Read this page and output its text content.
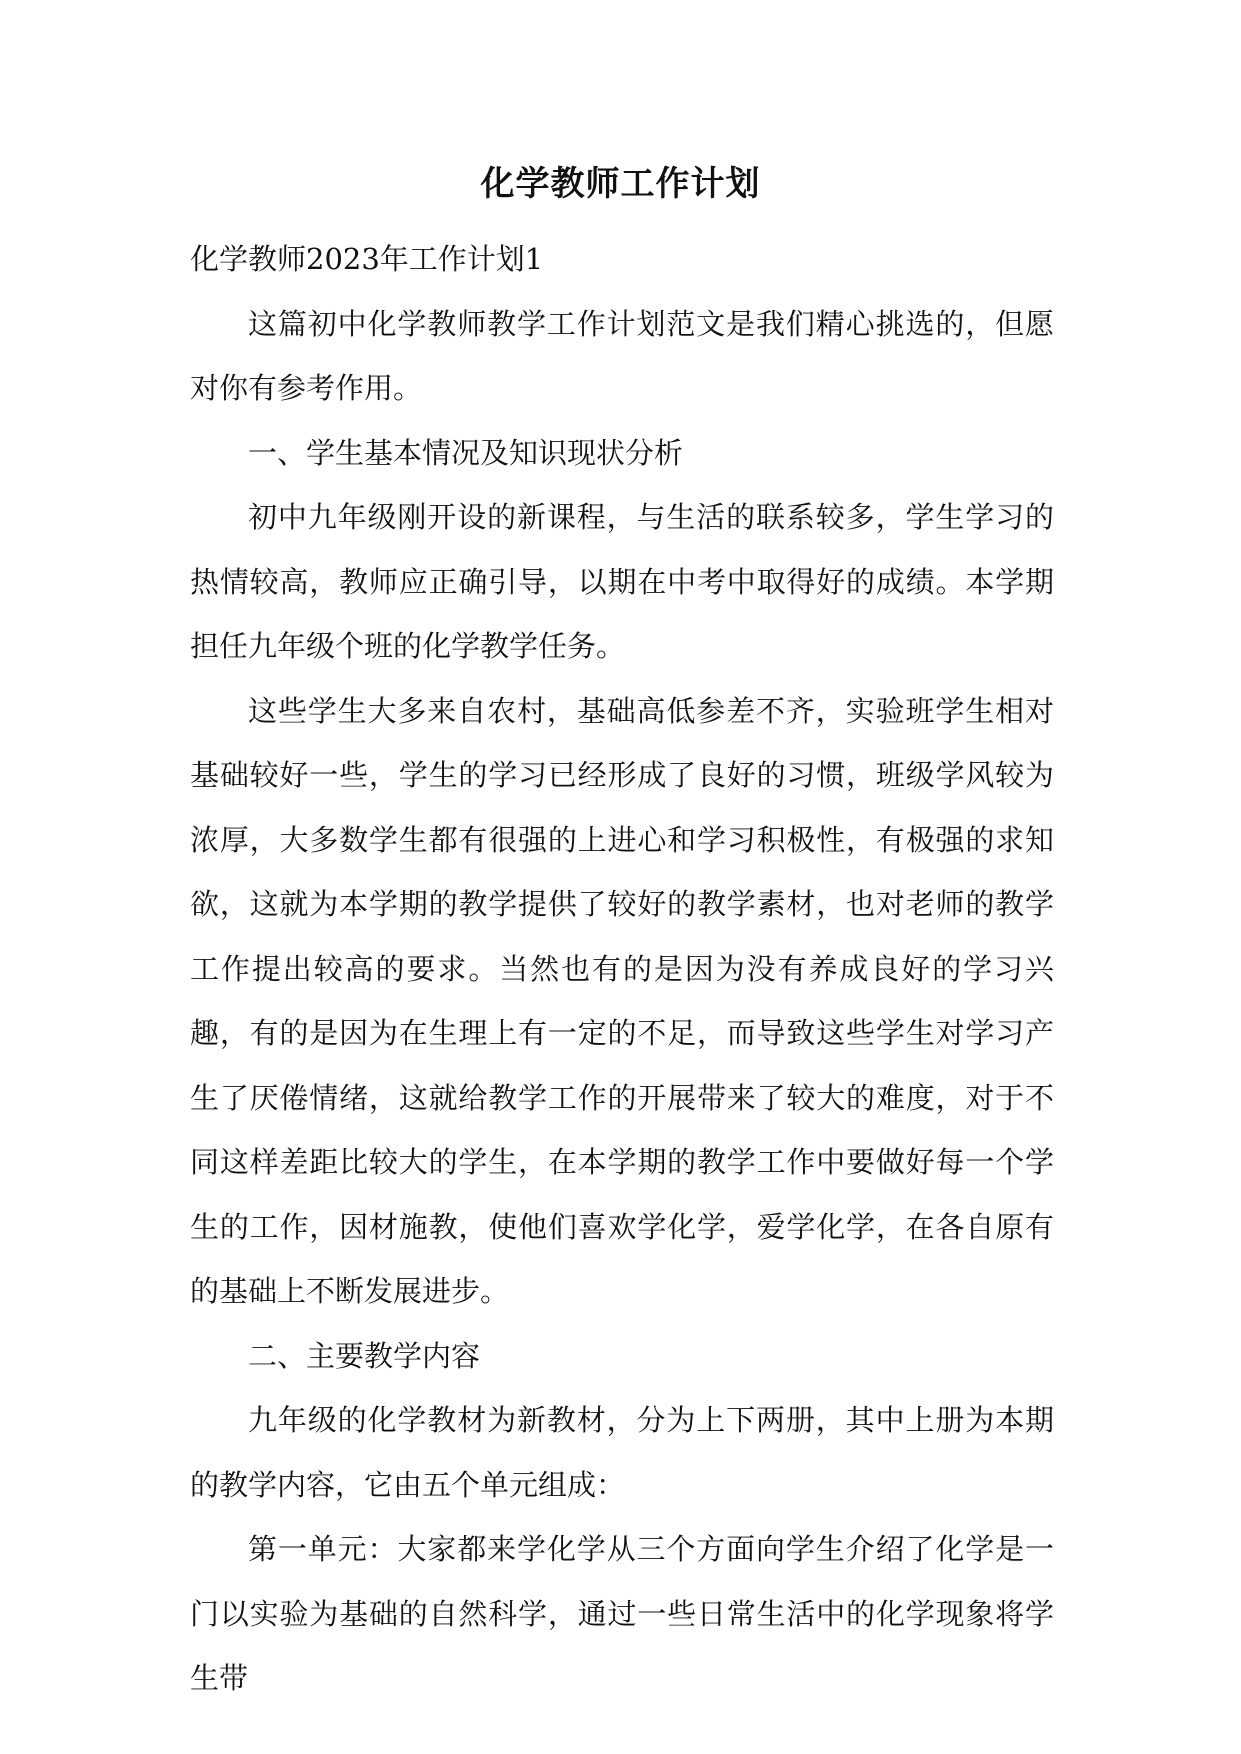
化学教师工作计划

化学教师2023年工作计划1

这篇初中化学教师教学工作计划范文是我们精心挑选的，但愿对你有参考作用。

一、学生基本情况及知识现状分析

初中九年级刚开设的新课程，与生活的联系较多，学生学习的热情较高，教师应正确引导，以期在中考中取得好的成绩。本学期担任九年级个班的化学教学任务。

这些学生大多来自农村，基础高低参差不齐，实验班学生相对基础较好一些，学生的学习已经形成了良好的习惯，班级学风较为浓厚，大多数学生都有很强的上进心和学习积极性，有极强的求知欲，这就为本学期的教学提供了较好的教学素材，也对老师的教学工作提出较高的要求。当然也有的是因为没有养成良好的学习兴趣，有的是因为在生理上有一定的不足，而导致这些学生对学习产生了厌倦情绪，这就给教学工作的开展带来了较大的难度，对于不同这样差距比较大的学生，在本学期的教学工作中要做好每一个学生的工作，因材施教，使他们喜欢学化学，爱学化学，在各自原有的基础上不断发展进步。

二、主要教学内容

九年级的化学教材为新教材，分为上下两册，其中上册为本期的教学内容，它由五个单元组成：

第一单元：大家都来学化学从三个方面向学生介绍了化学是一门以实验为基础的自然科学，通过一些日常生活中的化学现象将学生带
